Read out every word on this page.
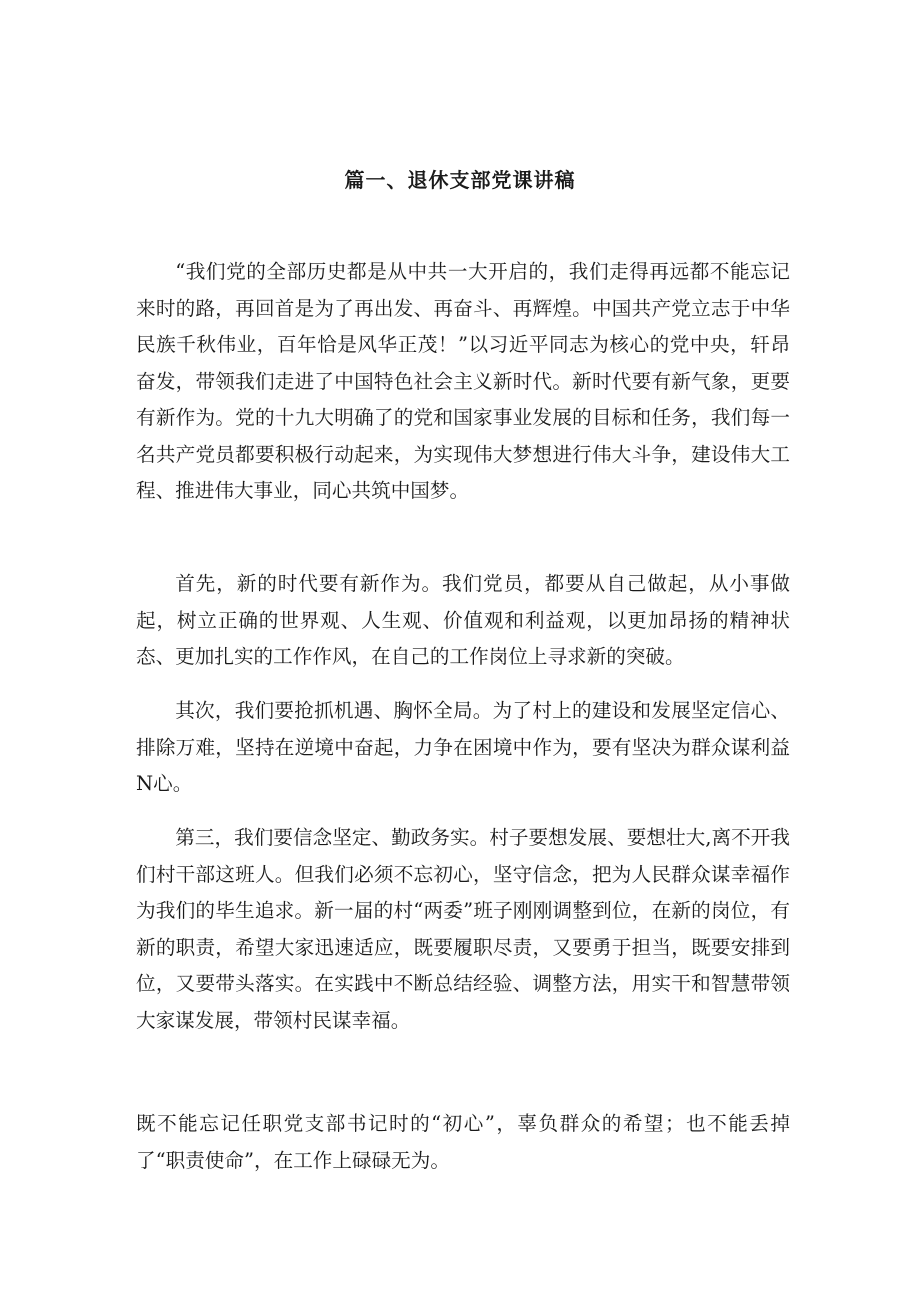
篇一、退休支部党课讲稿

“我们党的全部历史都是从中共一大开启的，我们走得再远都不能忘记来时的路，再回首是为了再出发、再奋斗、再辉煌。中国共产党立志于中华民族千秋伟业，百年恰是风华正茂！”以习近平同志为核心的党中央，轩昂奋发，带领我们走进了中国特色社会主义新时代。新时代要有新气象，更要有新作为。党的十九大明确了的党和国家事业发展的目标和任务，我们每一名共产党员都要积极行动起来，为实现伟大梦想进行伟大斗争，建设伟大工程、推进伟大事业，同心共筑中国梦。

首先，新的时代要有新作为。我们党员，都要从自己做起，从小事做起，树立正确的世界观、人生观、价值观和利益观，以更加昂扬的精神状态、更加扎实的工作作风，在自己的工作岗位上寻求新的突破。

其次，我们要抢抓机遇、胸怀全局。为了村上的建设和发展坚定信心、排除万难，坚持在逆境中奋起，力争在困境中作为，要有坚决为群众谋利益N心。

第三，我们要信念坚定、勤政务实。村子要想发展、要想壮大,离不开我们村干部这班人。但我们必须不忘初心，坚守信念，把为人民群众谋幸福作为我们的毕生追求。新一届的村“两委”班子刚刚调整到位，在新的岗位，有新的职责，希望大家迅速适应，既要履职尽责，又要勇于担当，既要安排到位，又要带头落实。在实践中不断总结经验、调整方法，用实干和智慧带领大家谋发展，带领村民谋幸福。

既不能忘记任职党支部书记时的“初心”，辜负群众的希望；也不能丢掉了“职责使命”，在工作上碌碌无为。
